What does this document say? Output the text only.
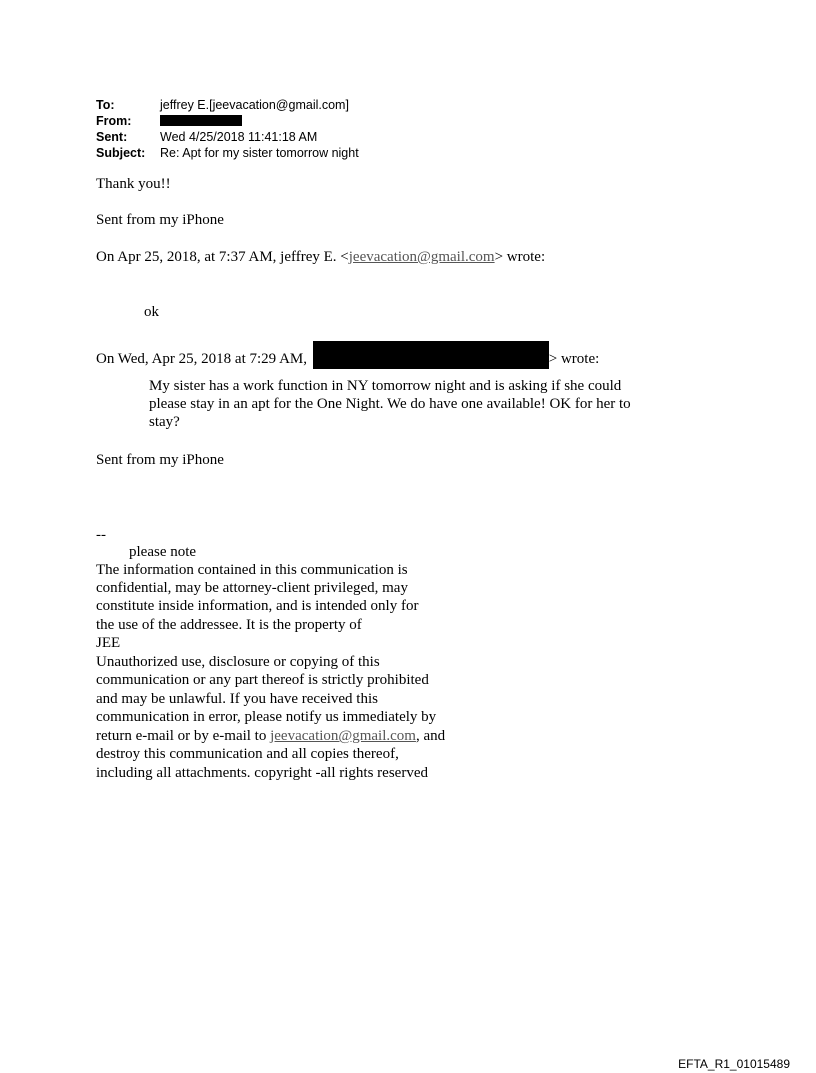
To:	jeffrey E.[jeevacation@gmail.com]
From:
Sent:	Wed 4/25/2018 11:41:18 AM
Subject: Re: Apt for my sister tomorrow night
Thank you!!
Sent from my iPhone
On Apr 25, 2018, at 7:37 AM, jeffrey E. <jeevacation@gmail.com> wrote:
ok
On Wed, Apr 25, 2018 at 7:29 AM,	> wrote:
My sister has a work function in NY tomorrow night and is asking if she could
please stay in an apt for the One Night. We do have one available! OK for her to
stay?
Sent from my iPhone
--
please note
The information contained in this communication is
confidential, may be attorney-client privileged, may
constitute inside information, and is intended only for
the use of the addressee. It is the property of
JEE
Unauthorized use, disclosure or copying of this
communication or any part thereof is strictly prohibited
and may be unlawful. If you have received this
communication in error, please notify us immediately by
return e-mail or by e-mail to jeevacation@gmail.com, and
destroy this communication and all copies thereof,
including all attachments. copyright -all rights reserved
EFTA_R1_01015489
